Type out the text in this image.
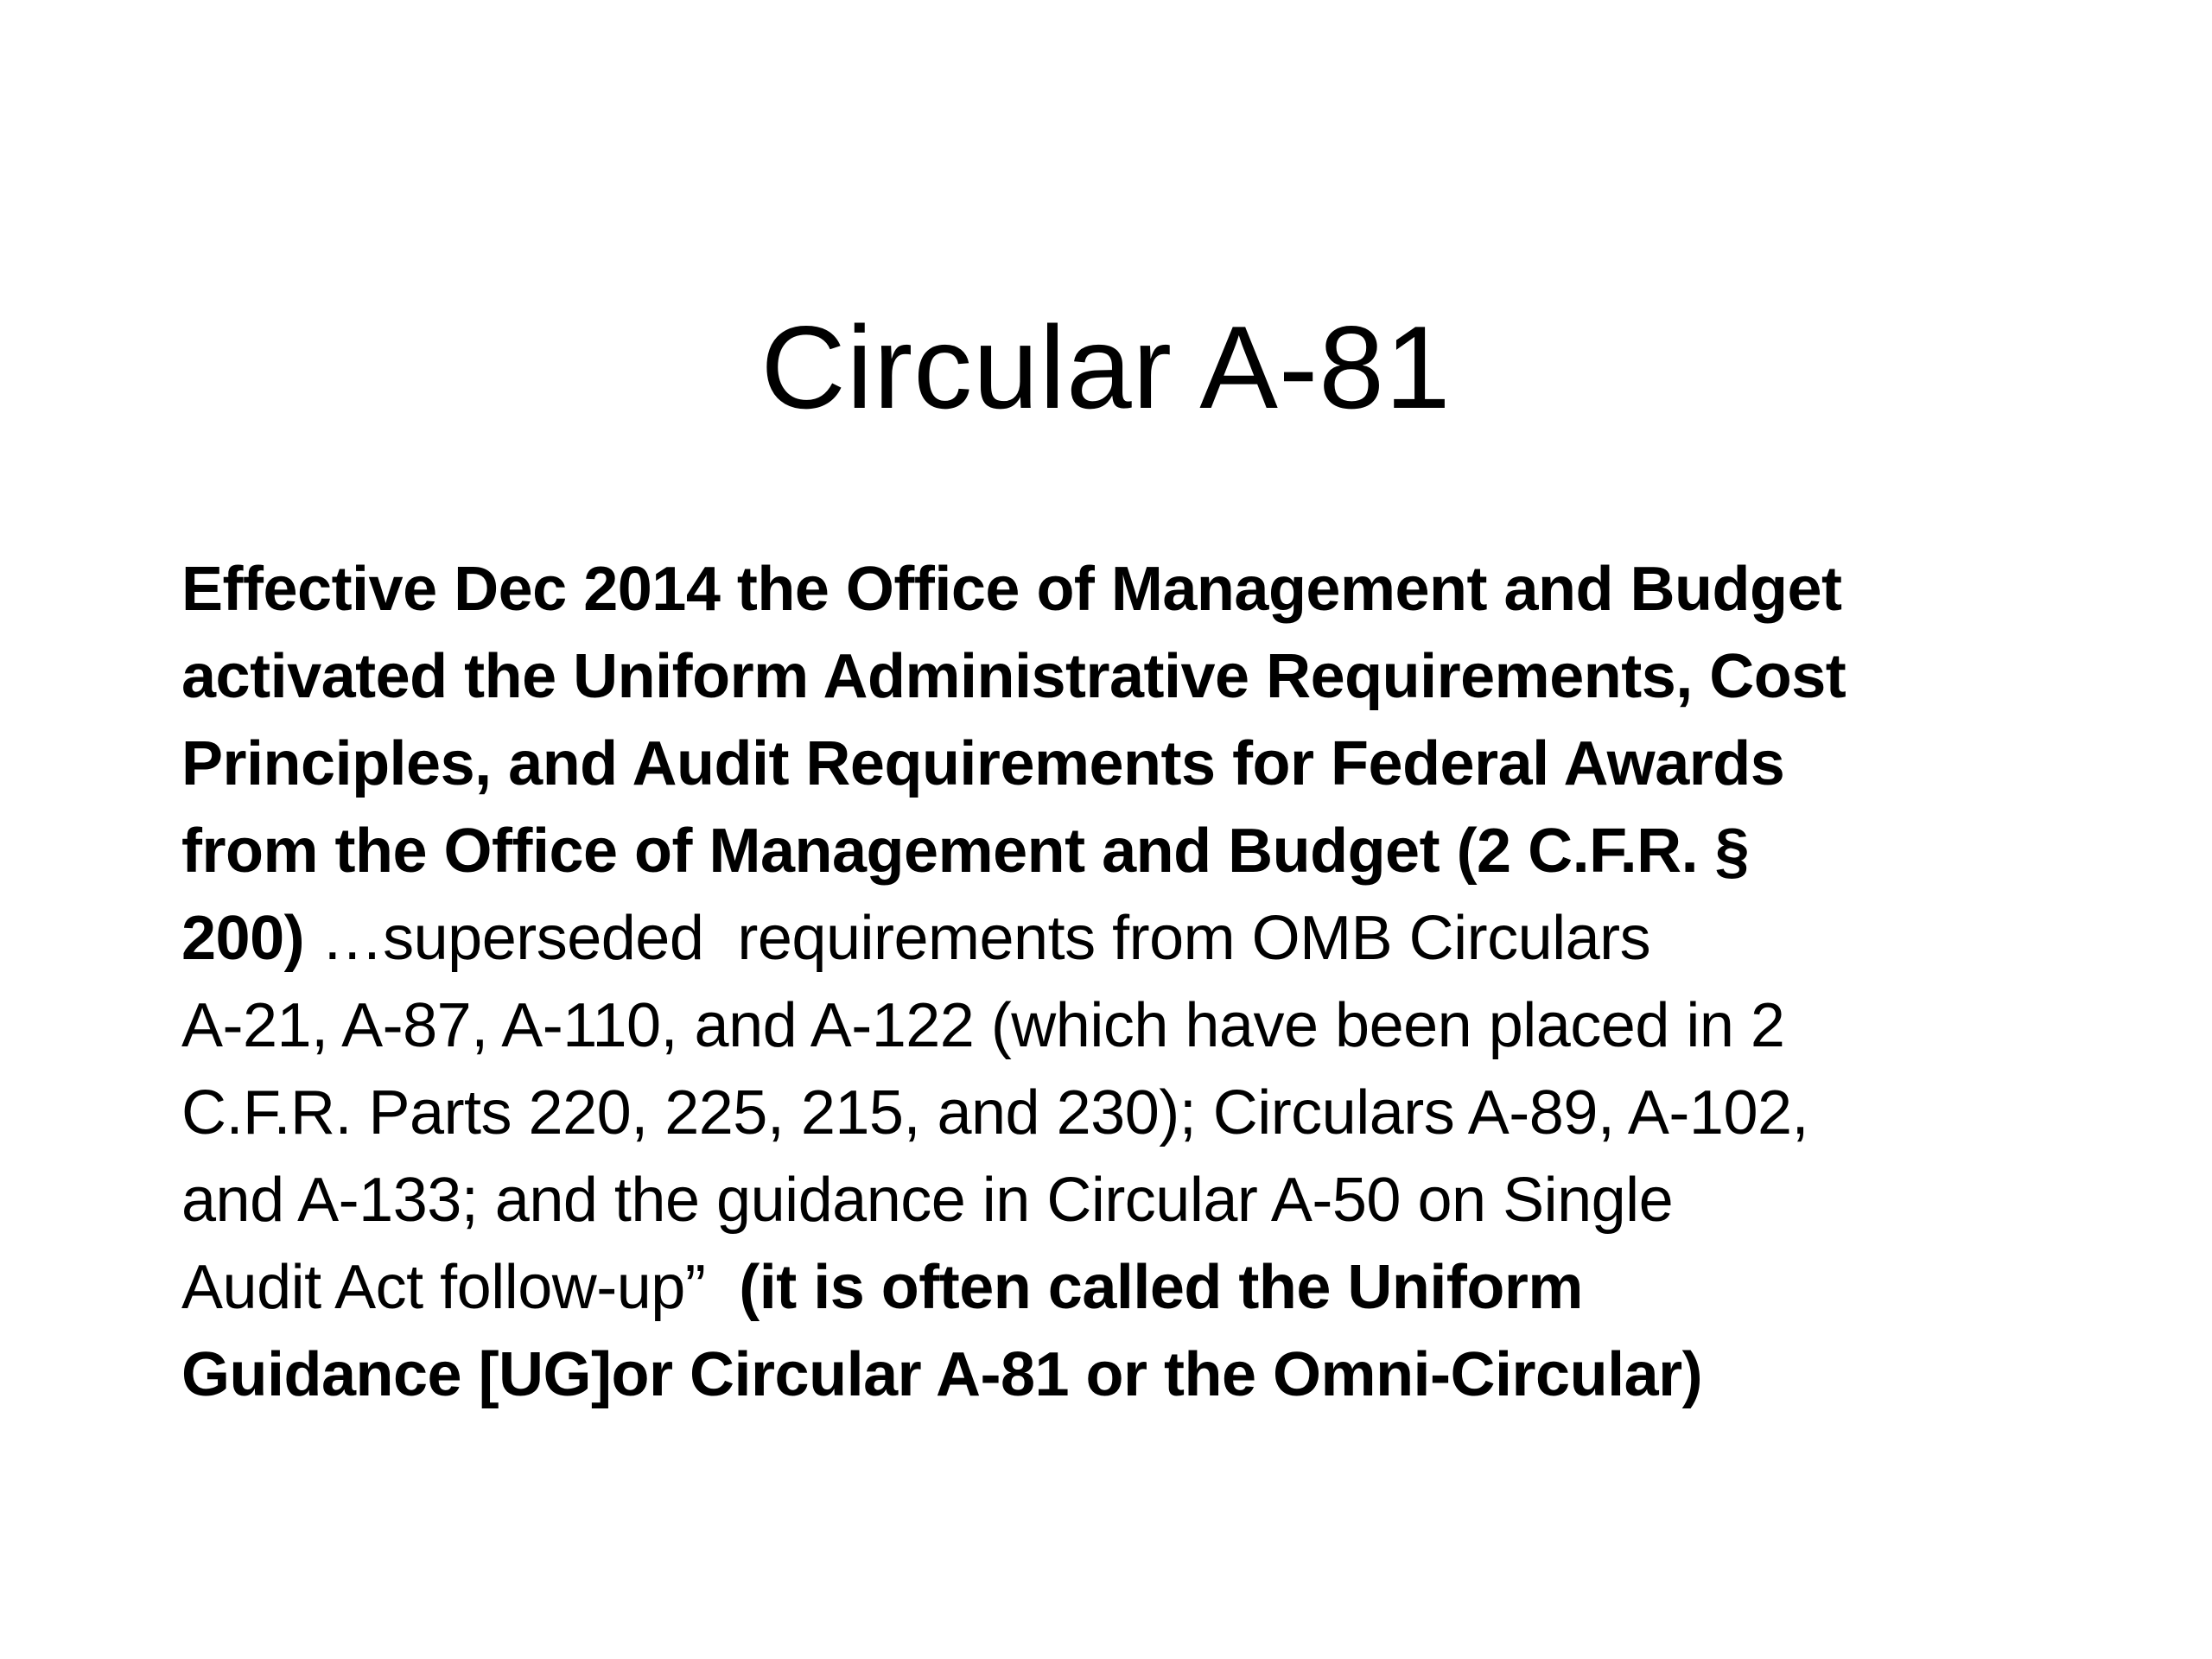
Circular A-81
Effective Dec 2014 the Office of Management and Budget
activated the Uniform Administrative Requirements, Cost
Principles, and Audit Requirements for Federal Awards
from the Office of Management and Budget (2 C.F.R. §
200) …superseded  requirements from OMB Circulars
A-21, A-87, A-110, and A-122 (which have been placed in 2
C.F.R. Parts 220, 225, 215, and 230); Circulars A-89, A-102,
and A-133; and the guidance in Circular A-50 on Single
Audit Act follow-up”  (it is often called the Uniform
Guidance [UG]or Circular A-81 or the Omni-Circular)
